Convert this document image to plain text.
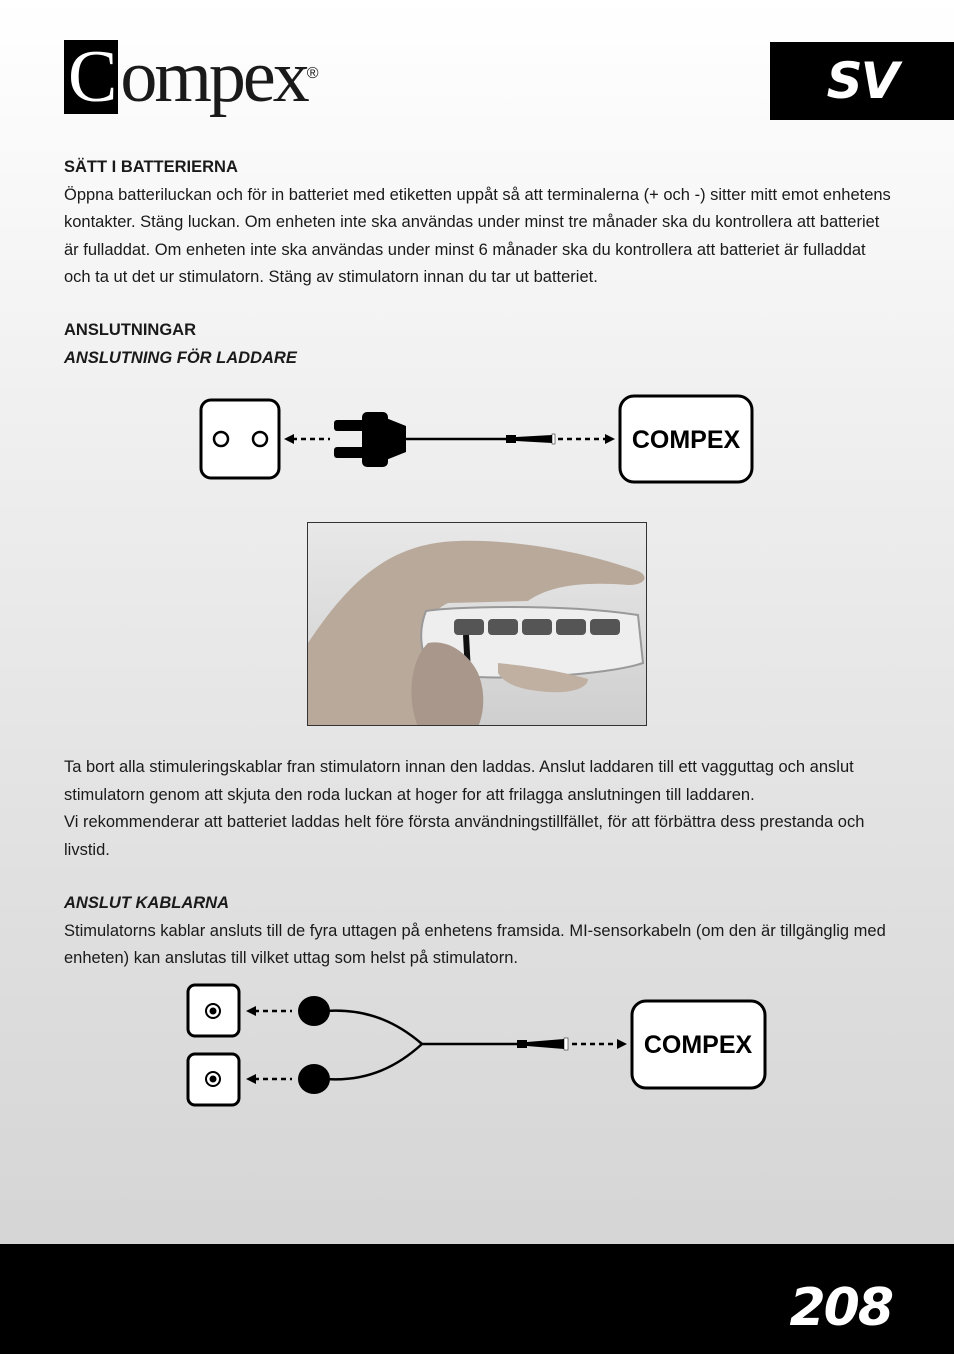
Compex®	SV

SÄTT I BATTERIERNA

Öppna batteriluckan och för in batteriet med etiketten uppåt så att terminalerna (+ och -) sitter mitt emot enhetens kontakter. Stäng luckan. Om enheten inte ska användas under minst tre månader ska du kontrollera att batteriet är fulladdat. Om enheten inte ska användas under minst 6 månader ska du kontrollera att batteriet är fulladdat och ta ut det ur stimulatorn. Stäng av stimulatorn innan du tar ut batteriet.

ANSLUTNINGAR

ANSLUTNING FÖR LADDARE

COMPEX

Ta bort alla stimuleringskablar fran stimulatorn innan den laddas. Anslut laddaren till ett vagguttag och anslut stimulatorn genom att skjuta den roda luckan at hoger for att frilagga anslutningen till laddaren.

Vi rekommenderar att batteriet laddas helt före första användningstillfället, för att förbättra dess prestanda och livstid.

ANSLUT KABLARNA

Stimulatorns kablar ansluts till de fyra uttagen på enhetens framsida. MI-sensorkabeln (om den är tillgänglig med enheten) kan anslutas till vilket uttag som helst på stimulatorn.

COMPEX
208
